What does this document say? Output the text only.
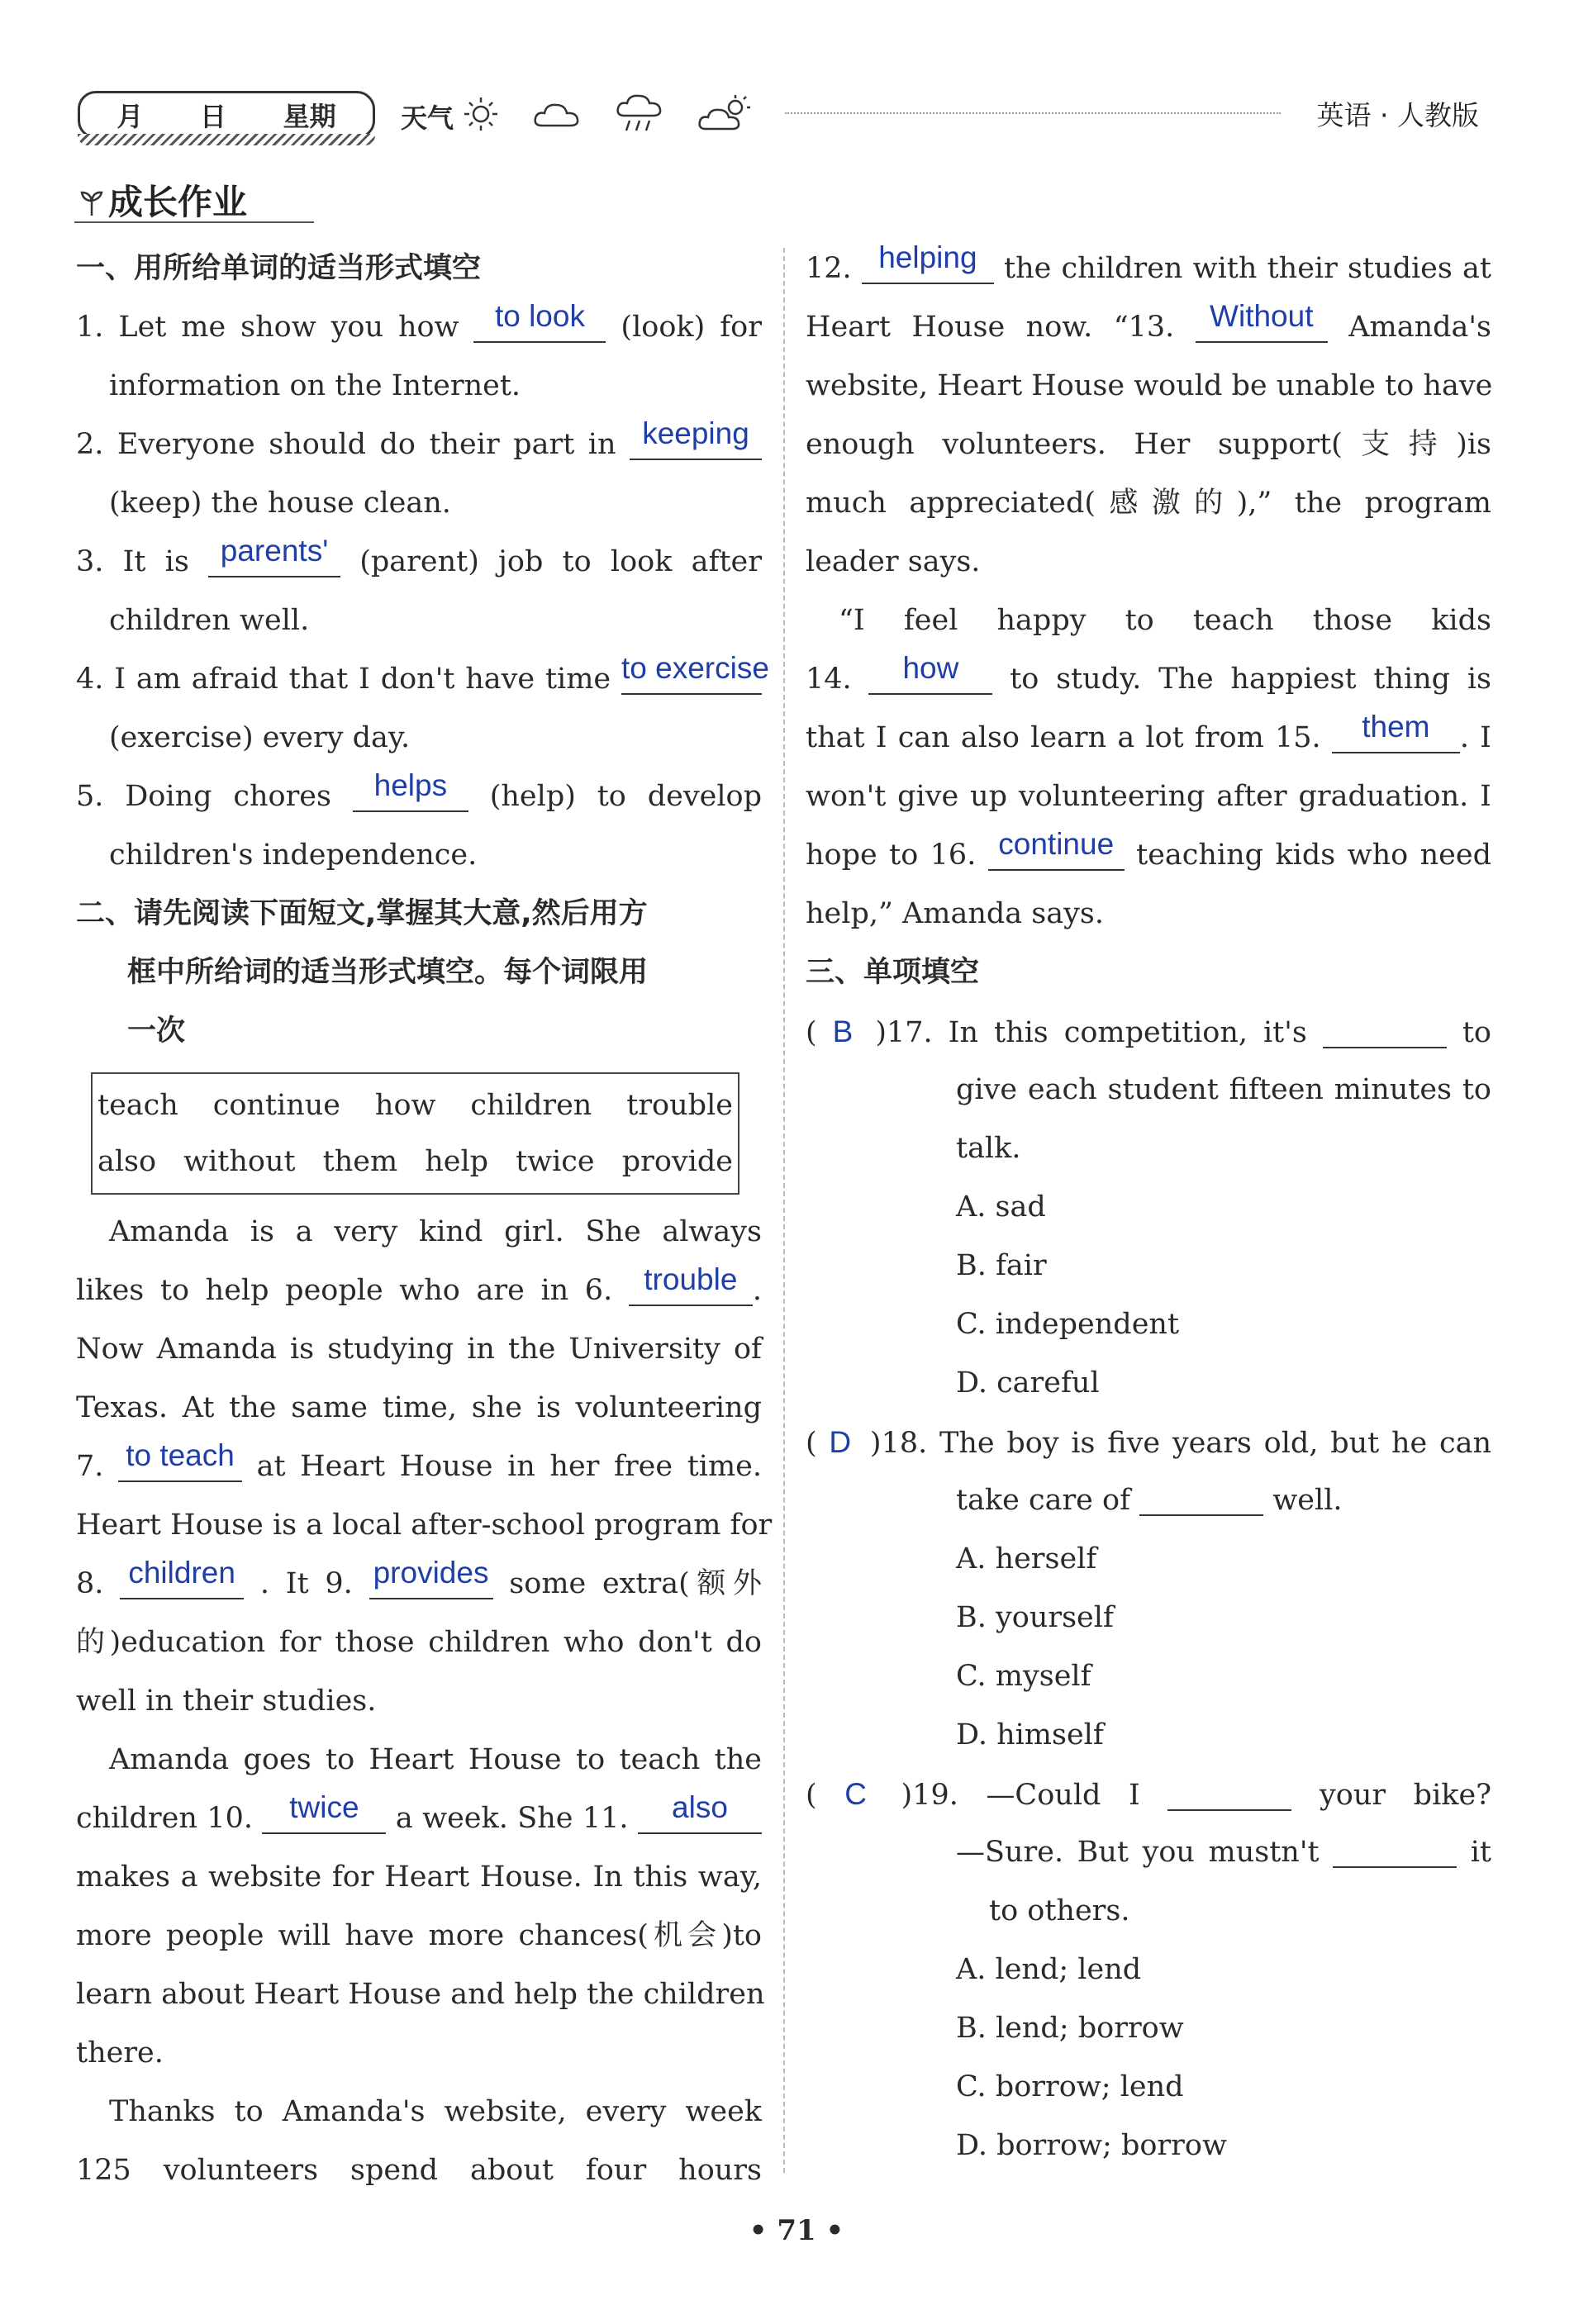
月 日 星期 天气	英语 · 人教版
成长作业
一、用所给单词的适当形式填空
1. Let me show you how	to look	(look) for
information on the Internet.
2. Everyone should do their part in keeping
(keep) the house clean.
3. It is	parents'	(parent) job to look after
children well.
4. I am afraid that I don't have time to exercise
(exercise) every day.
5. Doing chores	helps	(help) to develop
children's independence.
二、请先阅读下面短文,掌握其大意,然后用方
框中所给词的适当形式填空。每个词限用
一次
teach continue how children trouble
also without them help twice provide
Amanda is a very kind girl. She always
likes to help people who are in 6.	trouble .
Now Amanda is studying in the University of
Texas. At the same time, she is volunteering
7. to teach at Heart House in her free time.
Heart House is a local after-school program for
8. children . It 9. provides some extra(额外
的)education for those children who don't do
well in their studies.
Amanda goes to Heart House to teach the
children 10.	twice	a week. She 11.	also
makes a website for Heart House. In this way,
more people will have more chances(机会)to
learn about Heart House and help the children
there.
Thanks to Amanda's website, every week
125 volunteers spend about four hours
12. helping the children with their studies at
Heart House now. “13.	Without	Amanda's
website, Heart House would be unable to have
enough volunteers. Her support(支持)is
much appreciated(感激的),” the program
leader says.
“I feel happy to teach those kids
14.	how	to study. The happiest thing is
that I can also learn a lot from 15.	them	. I
won't give up volunteering after graduation. I
hope to 16. continue teaching kids who need
help,” Amanda says.
三、单项填空
( B )17. In this competition, it's	to
give each student fifteen minutes to
talk.
A. sad
B. fair
C. independent
D. careful
( D )18. The boy is five years old, but he can
take care of	well.
A. herself
B. yourself
C. myself
D. himself
( C )19. —Could I	your bike?
—Sure. But you mustn't	it
to others.
A. lend; lend
B. lend; borrow
C. borrow; lend
D. borrow; borrow
• 71 •
